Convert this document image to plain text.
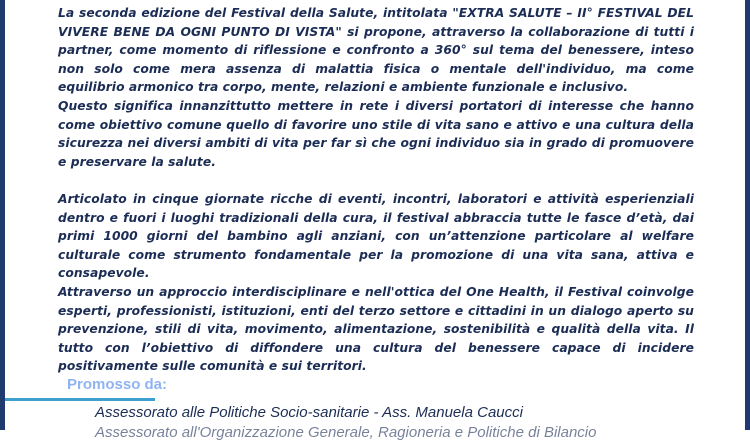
La seconda edizione del Festival della Salute, intitolata "EXTRA SALUTE – II° FESTIVAL DEL VIVERE BENE DA OGNI PUNTO DI VISTA" si propone, attraverso la collaborazione di tutti i partner, come momento di riflessione e confronto a 360° sul tema del benessere, inteso non solo come mera assenza di malattia fisica o mentale dell'individuo, ma come equilibrio armonico tra corpo, mente, relazioni e ambiente funzionale e inclusivo.

Questo significa innanzittutto mettere in rete i diversi portatori di interesse che hanno come obiettivo comune quello di favorire uno stile di vita sano e attivo e una cultura della sicurezza nei diversi ambiti di vita per far sì che ogni individuo sia in grado di promuovere e preservare la salute.

Articolato in cinque giornate ricche di eventi, incontri, laboratori e attività esperienziali dentro e fuori i luoghi tradizionali della cura, il festival abbraccia tutte le fasce d’età, dai primi 1000 giorni del bambino agli anziani, con un’attenzione particolare al welfare culturale come strumento fondamentale per la promozione di una vita sana, attiva e consapevole.

Attraverso un approccio interdisciplinare e nell'ottica del One Health, il Festival coinvolge esperti, professionisti, istituzioni, enti del terzo settore e cittadini in un dialogo aperto su prevenzione, stili di vita, movimento, alimentazione, sostenibilità e qualità della vita. Il tutto con l’obiettivo di diffondere una cultura del benessere capace di incidere positivamente sulle comunità e sui territori.

Promosso da:
Assessorato alle Politiche Socio-sanitarie - Ass. Manuela Caucci
Assessorato all'Organizzazione Generale, Ragioneria e Politiche di Bilancio
